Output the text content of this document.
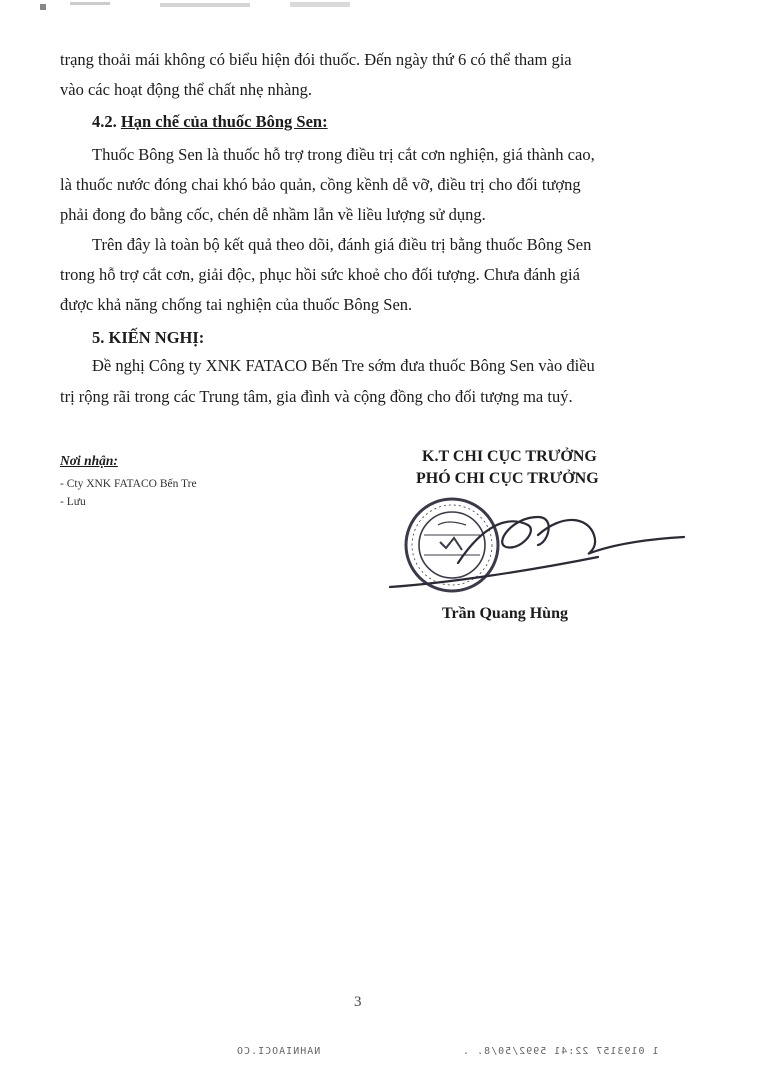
trạng thoải mái không có biểu hiện đói thuốc. Đến ngày thứ 6 có thể tham gia
vào các hoạt động thể chất nhẹ nhàng.
4.2. Hạn chế của thuốc Bông Sen:
Thuốc Bông Sen là thuốc hỗ trợ trong điều trị cắt cơn nghiện, giá thành cao,
là thuốc nước đóng chai khó bảo quản, cồng kềnh dễ vỡ, điều trị cho đối tượng
phải đong đo bằng cốc, chén dễ nhầm lẫn về liều lượng sử dụng.
Trên đây là toàn bộ kết quả theo dõi, đánh giá điều trị bằng thuốc Bông Sen
trong hỗ trợ cắt cơn, giải độc, phục hồi sức khoẻ cho đối tượng. Chưa đánh giá
được khả năng chống tai nghiện của thuốc Bông Sen.
5. KIẾN NGHỊ:
Đề nghị Công ty XNK FATACO Bến Tre sớm đưa thuốc Bông Sen vào điều
trị rộng rãi trong các Trung tâm, gia đình và cộng đồng cho đối tượng ma tuý.
Nơi nhận:
- Cty XNK FATACO Bến Tre
- Lưu
K.T CHI CỤC TRƯỞNG
PHÓ CHI CỤC TRƯỞNG
Trần Quang Hùng
3
NAHNIAOCI.CO	1 0193157 22:41 5992/50/8. .
